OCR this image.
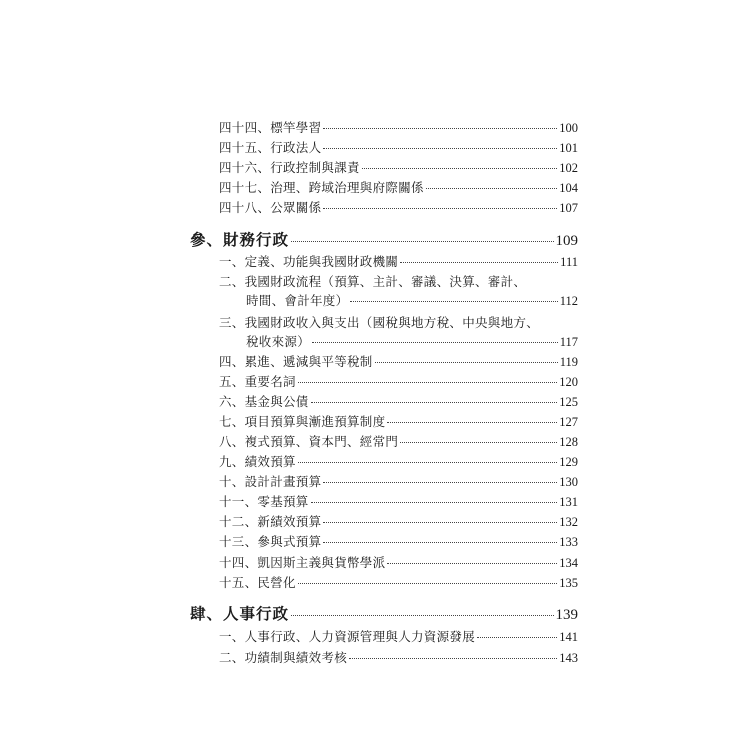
四十四、標竿學習	100
四十五、行政法人	101
四十六、行政控制與課責	102
四十七、治理、跨域治理與府際關係	104
四十八、公眾關係	107
參、財務行政	109
一、定義、功能與我國財政機關	111
二、我國財政流程（預算、主計、審議、決算、審計、
時間、會計年度）	112
三、我國財政收入與支出（國稅與地方稅、中央與地方、
稅收來源）	117
四、累進、遞減與平等稅制	119
五、重要名詞	120
六、基金與公債	125
七、項目預算與漸進預算制度	127
八、複式預算、資本門、經常門	128
九、績效預算	129
十、設計計畫預算	130
十一、零基預算	131
十二、新績效預算	132
十三、參與式預算	133
十四、凱因斯主義與貨幣學派	134
十五、民營化	135
肆、人事行政	139
一、人事行政、人力資源管理與人力資源發展	141
二、功績制與績效考核	143
